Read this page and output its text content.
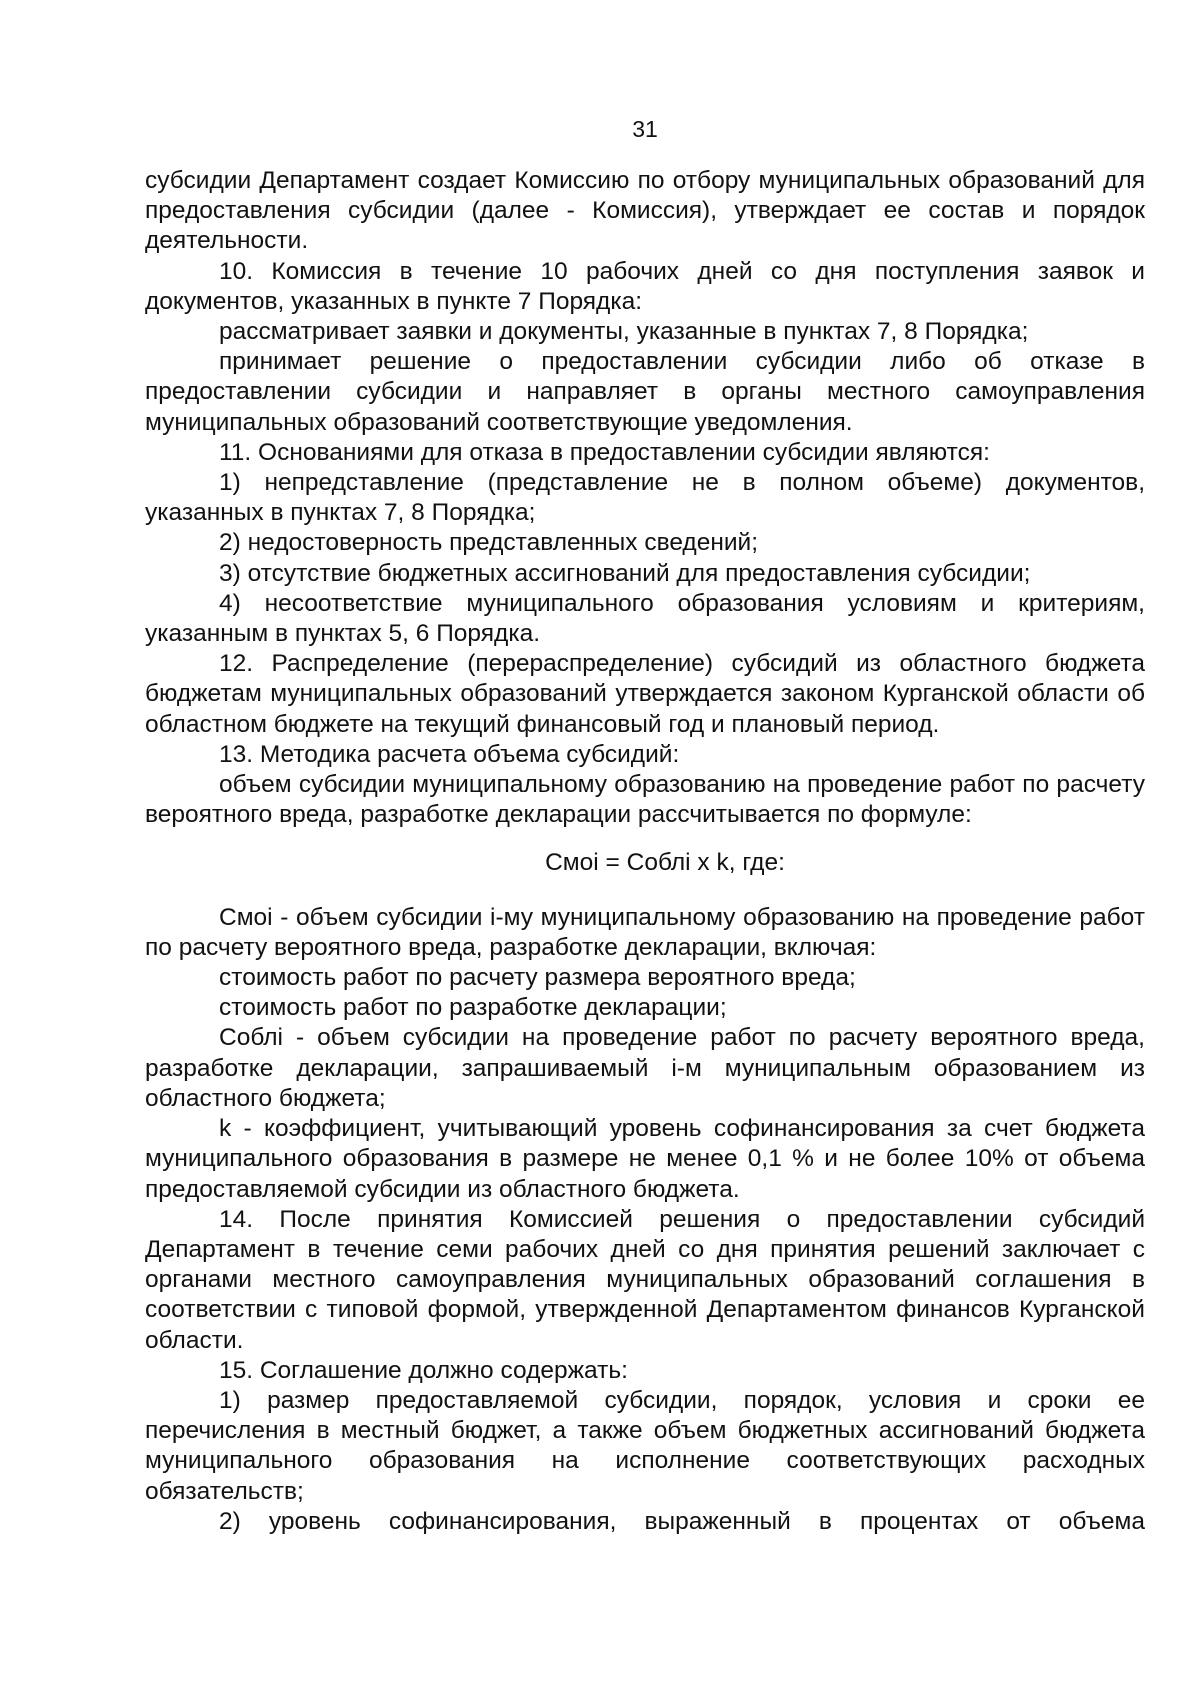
31

субсидии Департамент создает Комиссию по отбору муниципальных образований для предоставления субсидии (далее - Комиссия), утверждает ее состав и порядок деятельности.

10. Комиссия в течение 10 рабочих дней со дня поступления заявок и документов, указанных в пункте 7 Порядка:

рассматривает заявки и документы, указанные в пунктах 7, 8 Порядка;

принимает решение о предоставлении субсидии либо об отказе в предоставлении субсидии и направляет в органы местного самоуправления муниципальных образований соответствующие уведомления.

11. Основаниями для отказа в предоставлении субсидии являются:

1) непредставление (представление не в полном объеме) документов, указанных в пунктах 7, 8 Порядка;

2) недостоверность представленных сведений;

3) отсутствие бюджетных ассигнований для предоставления субсидии;

4) несоответствие муниципального образования условиям и критериям, указанным в пунктах 5, 6 Порядка.

12. Распределение (перераспределение) субсидий из областного бюджета бюджетам муниципальных образований утверждается законом Курганской области об областном бюджете на текущий финансовый год и плановый период.

13. Методика расчета объема субсидий:

объем субсидии муниципальному образованию на проведение работ по расчету вероятного вреда, разработке декларации рассчитывается по формуле:

Смоi = Соблi x k, где:

Смоi - объем субсидии i-му муниципальному образованию на проведение работ по расчету вероятного вреда, разработке декларации, включая:

стоимость работ по расчету размера вероятного вреда;

стоимость работ по разработке декларации;

Соблi - объем субсидии на проведение работ по расчету вероятного вреда, разработке декларации, запрашиваемый i-м муниципальным образованием из областного бюджета;

k - коэффициент, учитывающий уровень софинансирования за счет бюджета муниципального образования в размере не менее 0,1 % и не более 10% от объема предоставляемой субсидии из областного бюджета.

14. После принятия Комиссией решения о предоставлении субсидий Департамент в течение семи рабочих дней со дня принятия решений заключает с органами местного самоуправления муниципальных образований соглашения в соответствии с типовой формой, утвержденной Департаментом финансов Курганской области.

15. Соглашение должно содержать:

1) размер предоставляемой субсидии, порядок, условия и сроки ее перечисления в местный бюджет, а также объем бюджетных ассигнований бюджета муниципального образования на исполнение соответствующих расходных обязательств;

2) уровень софинансирования, выраженный в процентах от объема
